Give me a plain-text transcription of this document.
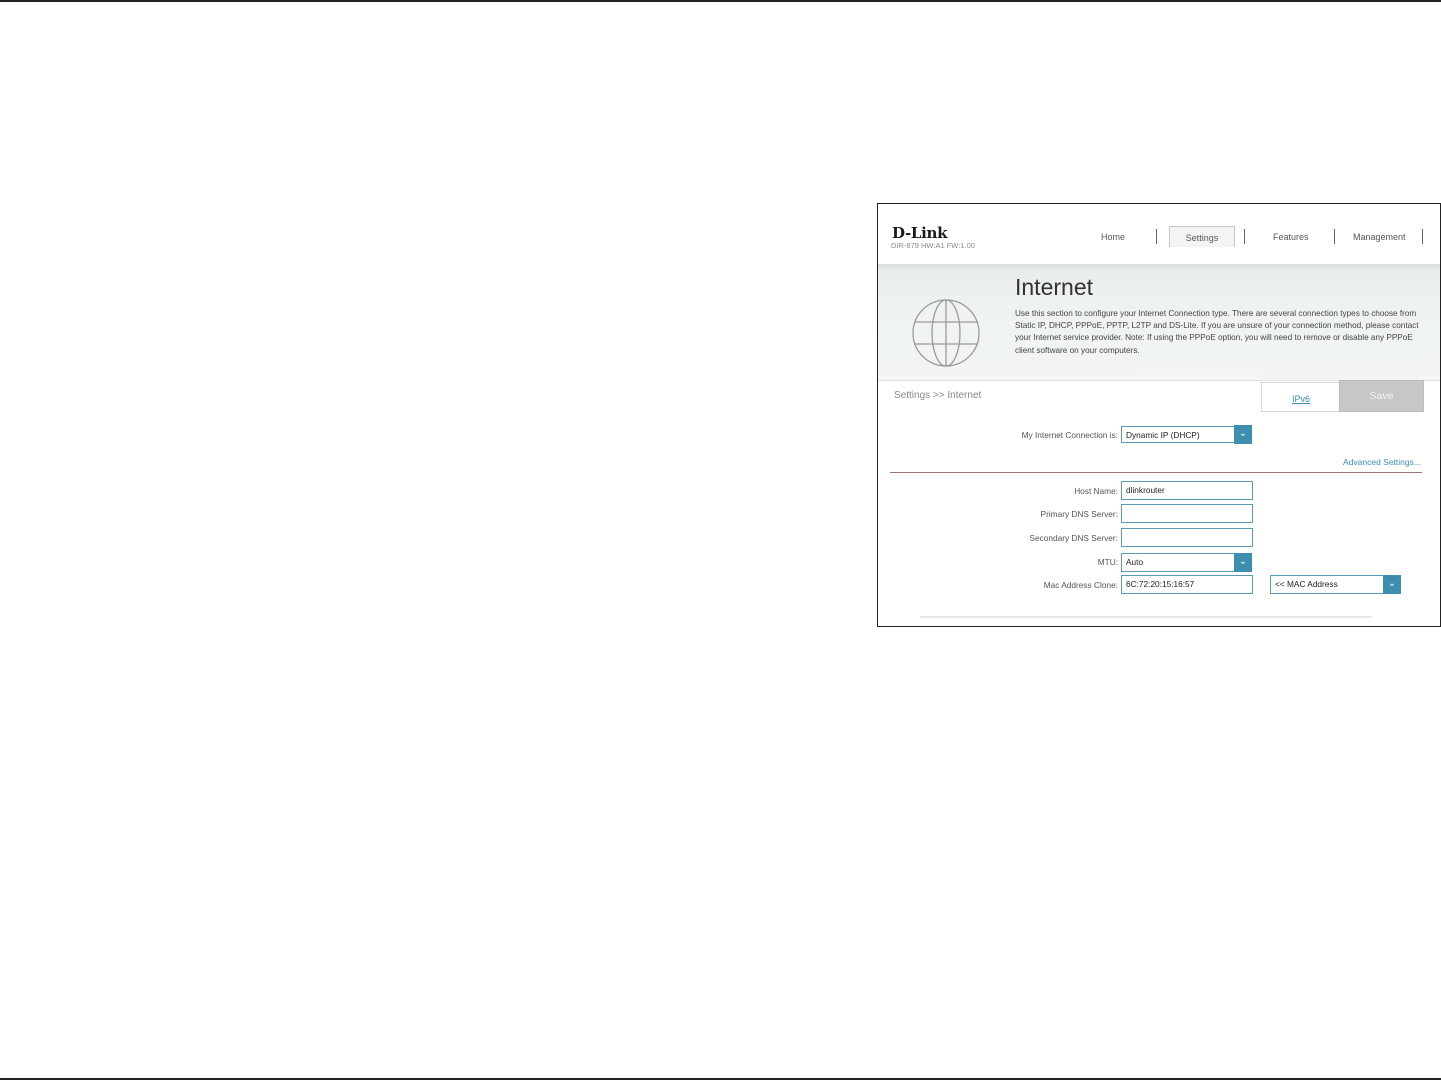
D-Link
DIR-879 HW:A1 FW:1.00
Home	Settings	Features	Management
Internet
Use this section to configure your Internet Connection type. There are several connection types to choose from Static IP, DHCP, PPPoE, PPTP, L2TP and DS-Lite. If you are unsure of your connection method, please contact your Internet service provider. Note: If using the PPPoE option, you will need to remove or disable any PPPoE client software on your computers.
Settings >> Internet	IPv6	Save
My Internet Connection is: Dynamic IP (DHCP)	⌄
Advanced Settings...
Host Name: dlinkrouter
Primary DNS Server:
Secondary DNS Server:
MTU: Auto	⌄
Mac Address Clone: 6C:72:20:15:16:57	<< MAC Address	⌄
